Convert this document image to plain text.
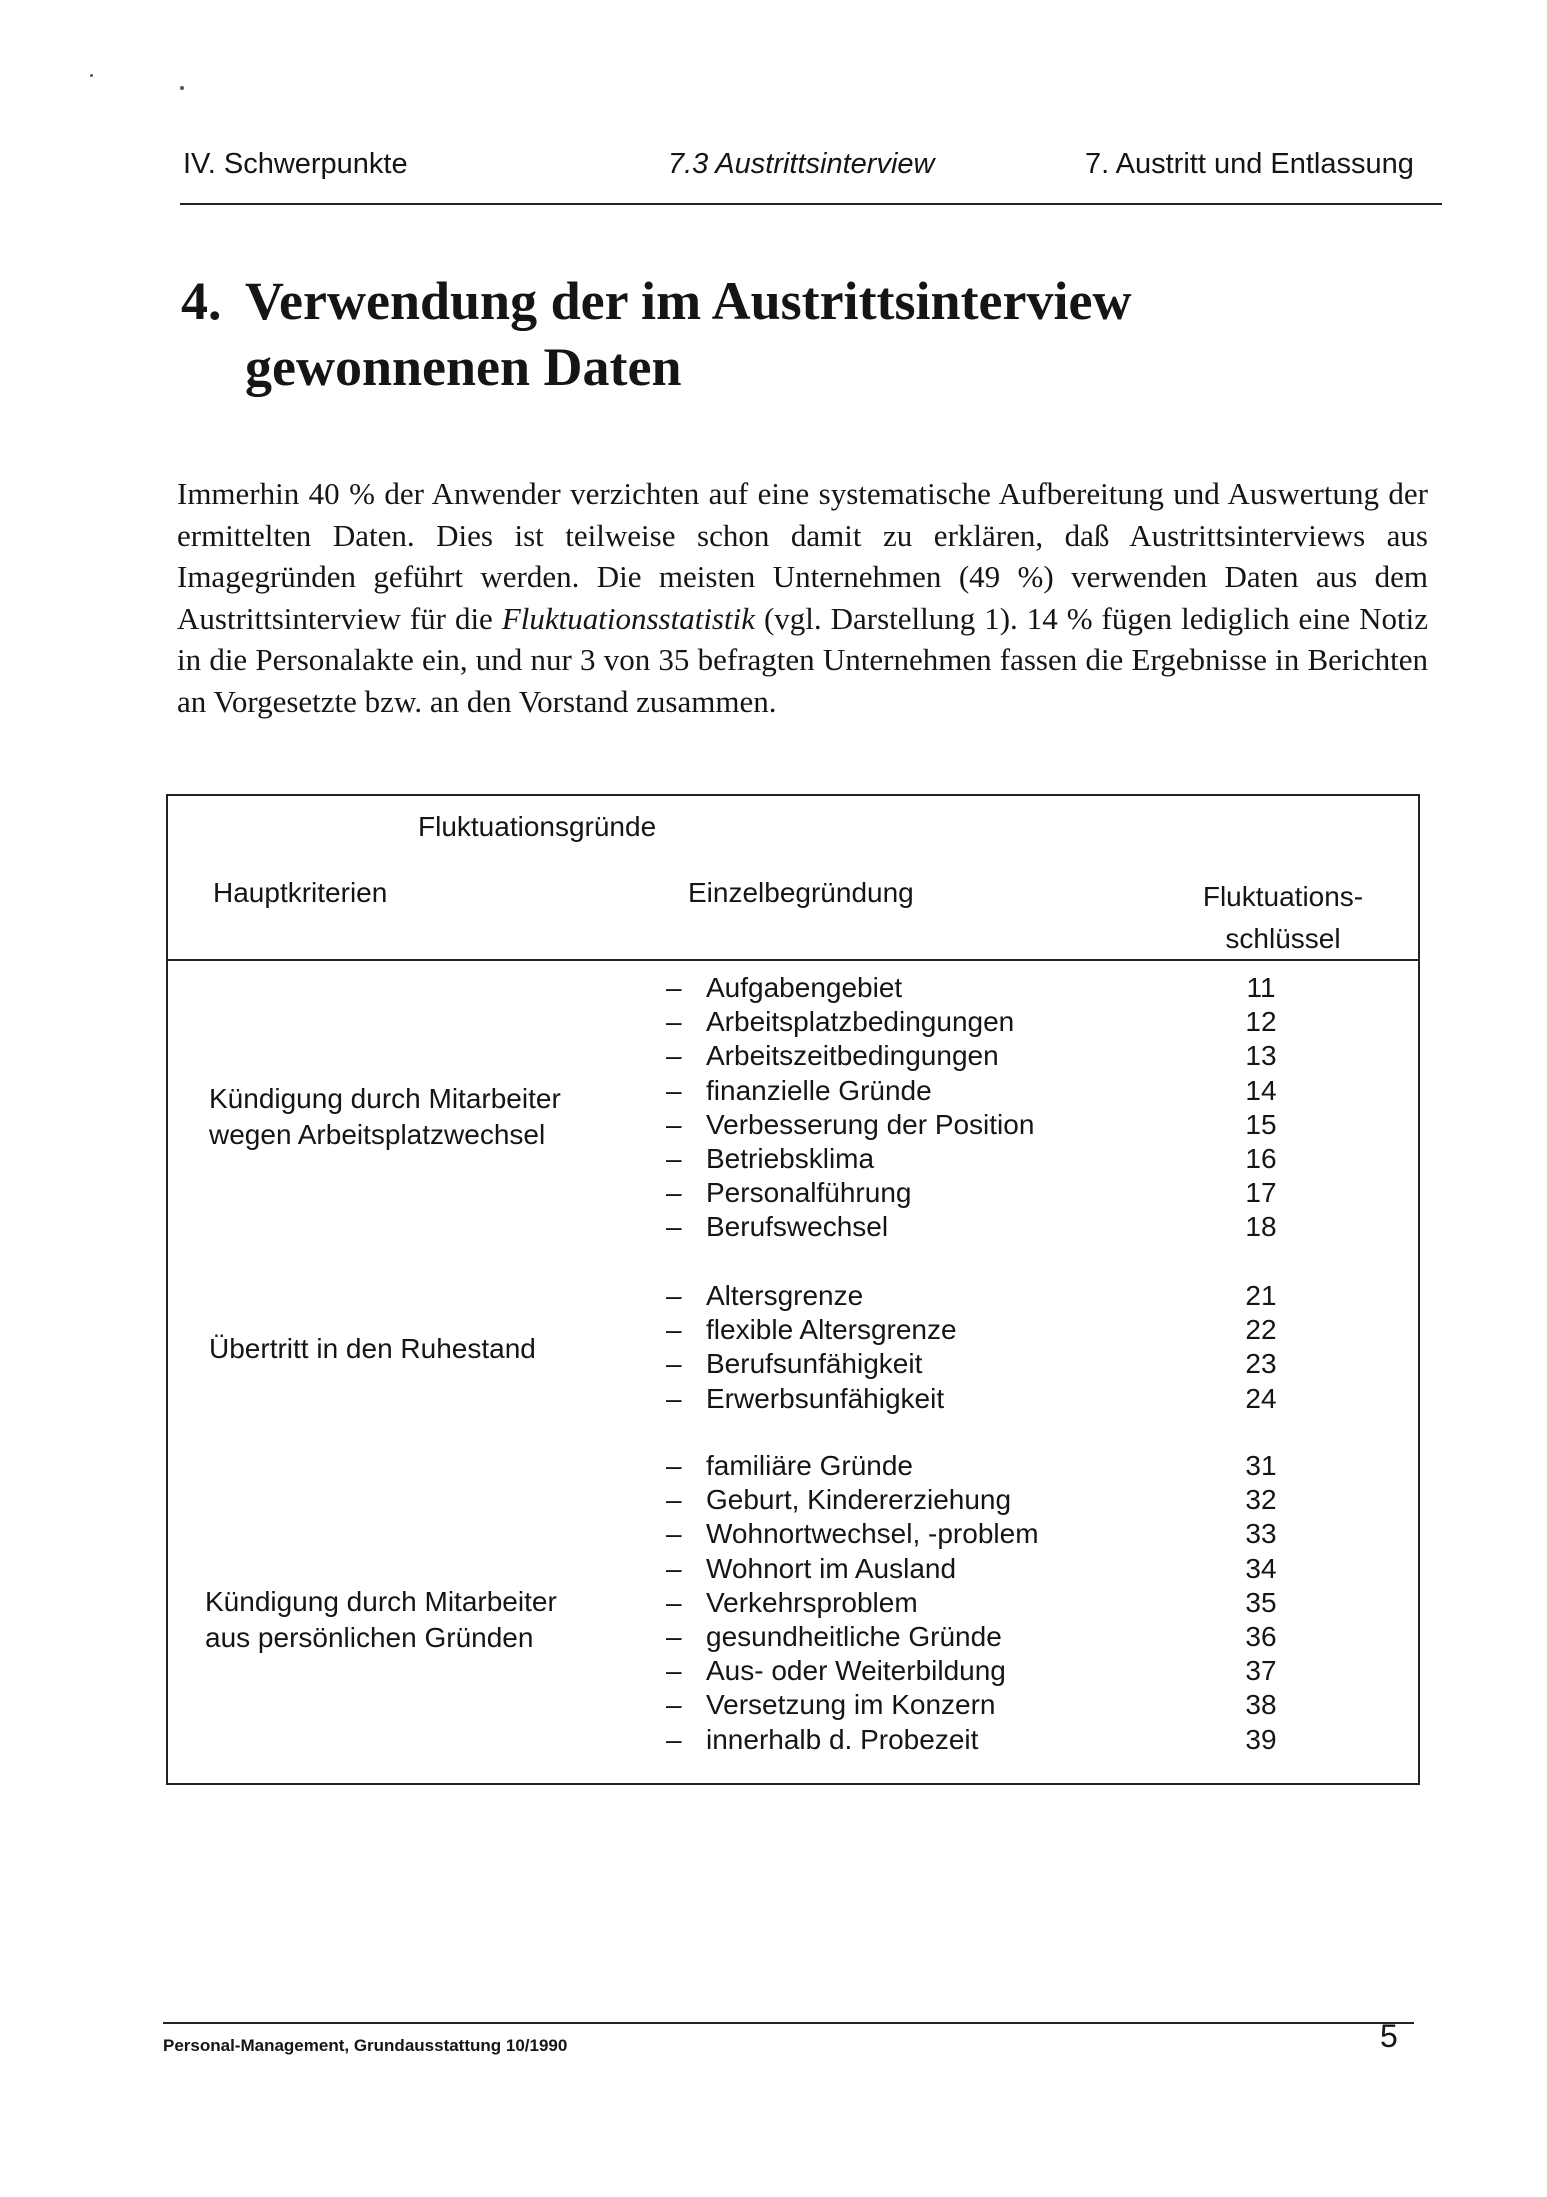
IV. Schwerpunkte	7.3 Austrittsinterview	7. Austritt und Entlassung
4. Verwendung der im Austrittsinterview
gewonnenen Daten

Immerhin 40 % der Anwender verzichten auf eine systematische Aufbereitung und Auswertung der ermittelten Daten. Dies ist teilweise schon damit zu erklären, daß Austrittsinterviews aus Imagegründen geführt werden. Die meisten Unternehmen (49 %) verwenden Daten aus dem Austrittsinterview für die Fluktuationsstatistik (vgl. Darstellung 1). 14 % fügen lediglich eine Notiz in die Personalakte ein, und nur 3 von 35 befragten Unternehmen fassen die Ergebnisse in Berichten an Vorgesetzte bzw. an den Vorstand zusammen.

Fluktuationsgründe
Hauptkriterien	Einzelbegründung	Fluktuations-
schlüssel
Kündigung durch Mitarbeiter
wegen Arbeitsplatzwechsel
– Aufgabengebiet	11
– Arbeitsplatzbedingungen	12
– Arbeitszeitbedingungen	13
– finanzielle Gründe	14
– Verbesserung der Position	15
– Betriebsklima	16
– Personalführung	17
– Berufswechsel	18
Übertritt in den Ruhestand
– Altersgrenze	21
– flexible Altersgrenze	22
– Berufsunfähigkeit	23
– Erwerbsunfähigkeit	24
Kündigung durch Mitarbeiter
aus persönlichen Gründen
– familiäre Gründe	31
– Geburt, Kindererziehung	32
– Wohnortwechsel, -problem	33
– Wohnort im Ausland	34
– Verkehrsproblem	35
– gesundheitliche Gründe	36
– Aus- oder Weiterbildung	37
– Versetzung im Konzern	38
– innerhalb d. Probezeit	39
Personal-Management, Grundausstattung 10/1990	5
